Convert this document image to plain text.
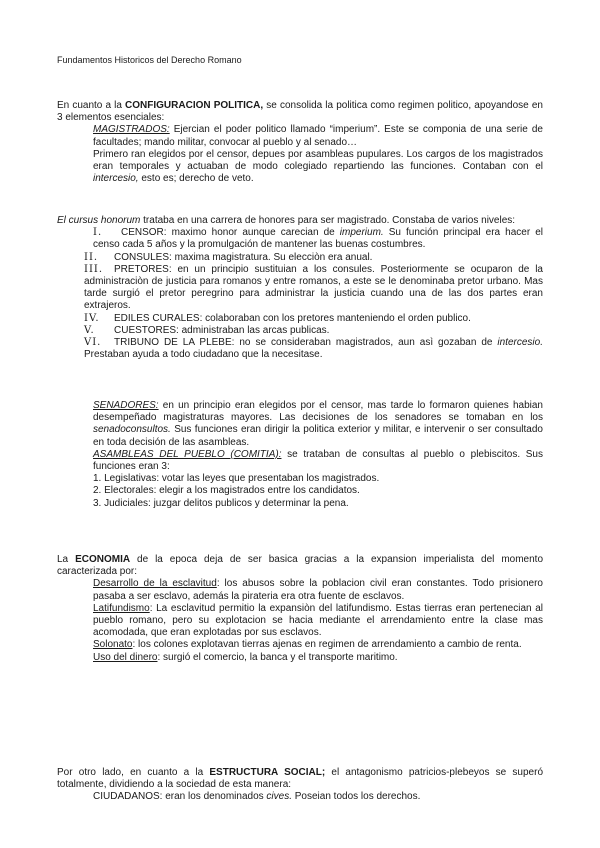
Fundamentos Historicos del Derecho Romano

En cuanto a la CONFIGURACION POLITICA, se consolida la politica como regimen politico, apoyandose en 3 elementos esenciales:

MAGISTRADOS: Ejercian el poder politico llamado “imperium”. Este se componia de una serie de facultades; mando militar, convocar al pueblo y al senado…

Primero ran elegidos por el censor, depues por asambleas pupulares. Los cargos de los magistrados eran temporales y actuaban de modo colegiado repartiendo las funciones. Contaban con el intercesio, esto es; derecho de veto.

El cursus honorum trataba en una carrera de honores para ser magistrado. Constaba de varios niveles:

I. CENSOR: maximo honor aunque carecian de imperium. Su función principal era hacer el censo cada 5 años y la promulgación de mantener las buenas costumbres.

II. CONSULES: maxima magistratura. Su elecciòn era anual.

III. PRETORES: en un principio sustituian a los consules. Posteriormente se ocuparon de la administraciòn de justicia para romanos y entre romanos, a este se le denominaba pretor urbano. Mas tarde surgió el pretor peregrino para administrar la justicia cuando una de las dos partes eran extrajeros.

IV. EDILES CURALES: colaboraban con los pretores manteniendo el orden publico.

V. CUESTORES: administraban las arcas publicas.

VI. TRIBUNO DE LA PLEBE: no se consideraban magistrados, aun asì gozaban de intercesio. Prestaban ayuda a todo ciudadano que la necesitase.

SENADORES: en un principio eran elegidos por el censor, mas tarde lo formaron quienes habian desempeñado magistraturas mayores. Las decisiones de los senadores se tomaban en los senadoconsultos. Sus funciones eran dirigir la politica exterior y militar, e intervenir o ser consultado en toda decisión de las asambleas.

ASAMBLEAS DEL PUEBLO (COMITIA): se trataban de consultas al pueblo o plebiscitos. Sus funciones eran 3:

1. Legislativas: votar las leyes que presentaban los magistrados.

2. Electorales: elegir a los magistrados entre los candidatos.

3. Judiciales: juzgar delitos publicos y determinar la pena.

La ECONOMIA de la epoca deja de ser basica gracias a la expansion imperialista del momento caracterizada por:

Desarrollo de la esclavitud: los abusos sobre la poblacion civil eran constantes. Todo prisionero pasaba a ser esclavo, además la pirateria era otra fuente de esclavos.

Latifundismo: La esclavitud permitio la expansiòn del latifundismo. Estas tierras eran pertenecian al pueblo romano, pero su explotacion se hacia mediante el arrendamiento entre la clase mas acomodada, que eran explotadas por sus esclavos.

Solonato: los colones explotavan tierras ajenas en regimen de arrendamiento a cambio de renta.

Uso del dinero: surgió el comercio, la banca y el transporte maritimo.

Por otro lado, en cuanto a la ESTRUCTURA SOCIAL; el antagonismo patricios-plebeyos se superó totalmente, dividiendo a la sociedad de esta manera:

CIUDADANOS: eran los denominados cives. Poseian todos los derechos.
